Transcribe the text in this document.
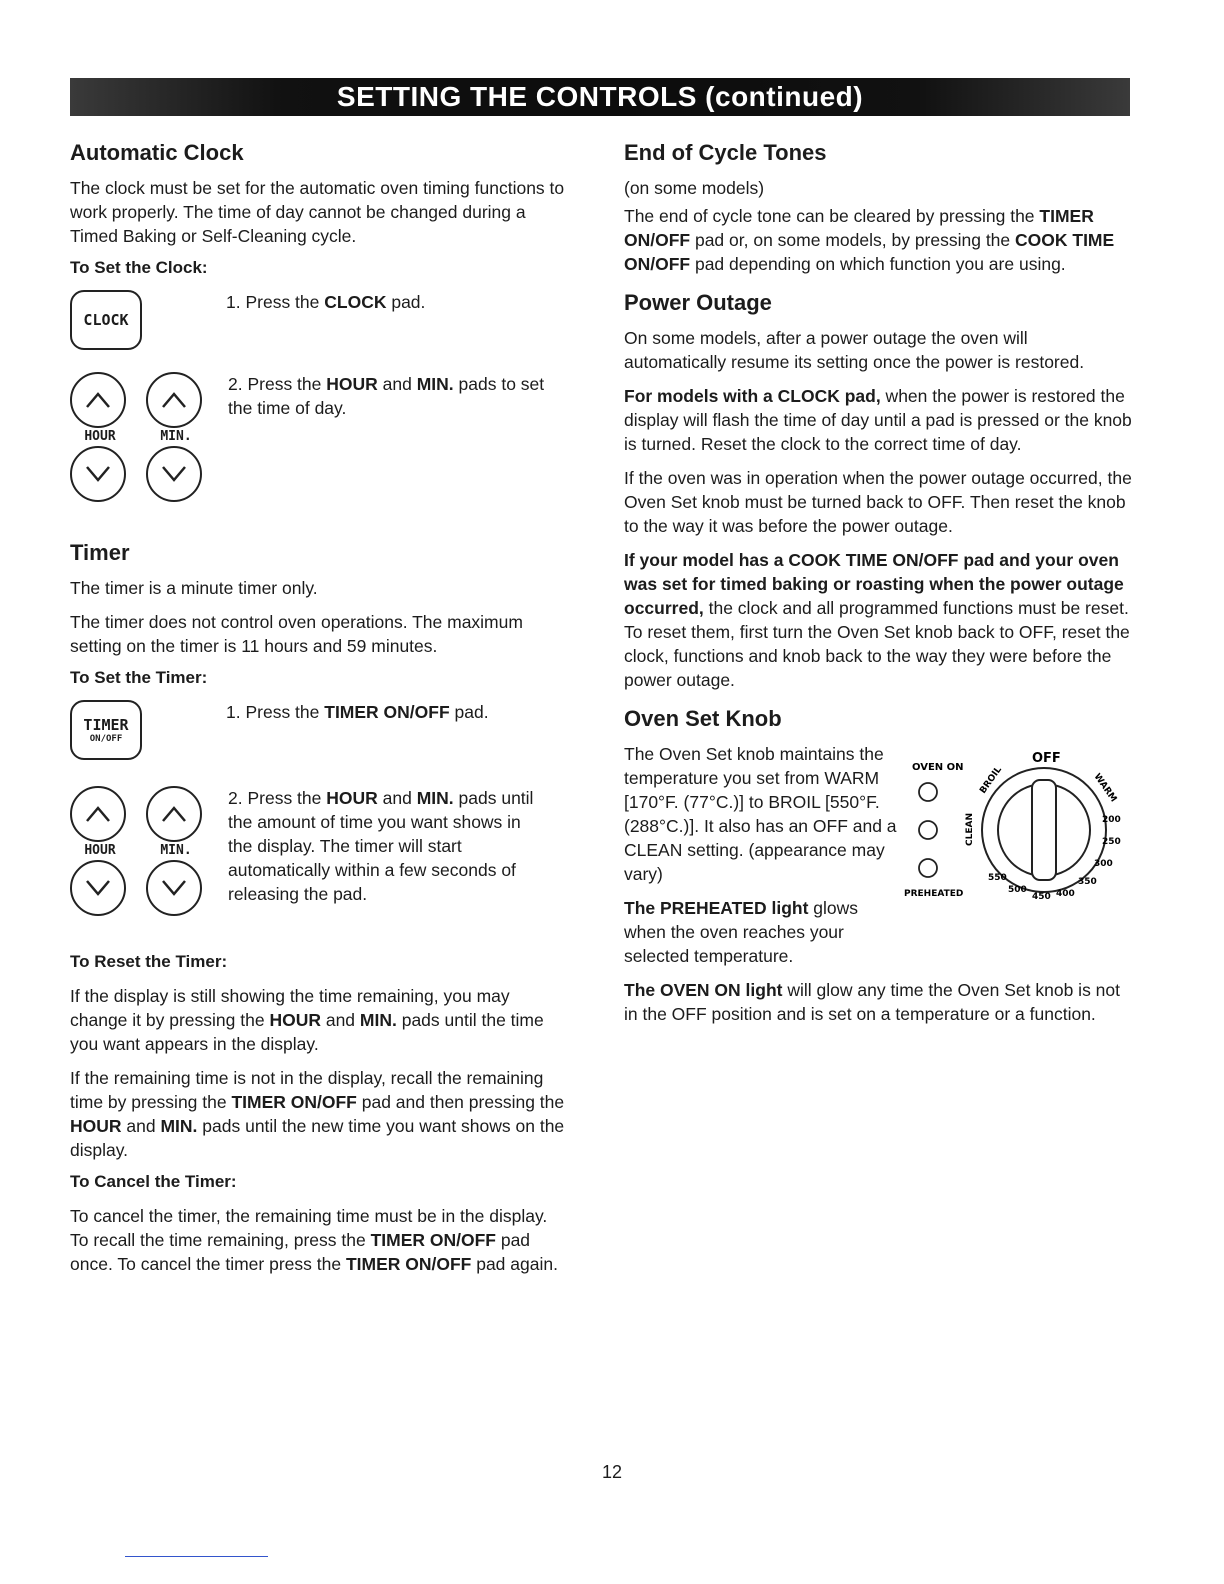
SETTING THE CONTROLS (continued)
Automatic Clock

The clock must be set for the automatic oven timing functions to work properly. The time of day cannot be changed during a Timed Baking or Self-Cleaning cycle.

To Set the Clock:
CLOCK
1. Press the CLOCK pad.
HOUR	MIN.
2. Press the HOUR and MIN. pads to set the time of day.
Timer

The timer is a minute timer only.

The timer does not control oven operations. The maximum setting on the timer is 11 hours and 59 minutes.

To Set the Timer:
TIMER
ON/OFF
1. Press the TIMER ON/OFF pad.
HOUR	MIN.
2. Press the HOUR and MIN. pads until the amount of time you want shows in the display. The timer will start automatically within a few seconds of releasing the pad.
To Reset the Timer:

If the display is still showing the time remaining, you may change it by pressing the HOUR and MIN. pads until the time you want appears in the display.

If the remaining time is not in the display, recall the remaining time by pressing the TIMER ON/OFF pad and then pressing the HOUR and MIN. pads until the new time you want shows on the display.

To Cancel the Timer:

To cancel the timer, the remaining time must be in the display. To recall the time remaining, press the TIMER ON/OFF pad once. To cancel the timer press the TIMER ON/OFF pad again.

End of Cycle Tones

(on some models)

The end of cycle tone can be cleared by pressing the TIMER ON/OFF pad or, on some models, by pressing the COOK TIME ON/OFF pad depending on which function you are using.

Power Outage

On some models, after a power outage the oven will automatically resume its setting once the power is restored.

For models with a CLOCK pad, when the power is restored the display will flash the time of day until a pad is pressed or the knob is turned. Reset the clock to the correct time of day.

If the oven was in operation when the power outage occurred, the Oven Set knob must be turned back to OFF. Then reset the knob to the way it was before the power outage.

If your model has a COOK TIME ON/OFF pad and your oven was set for timed baking or roasting when the power outage occurred, the clock and all programmed functions must be reset. To reset them, first turn the Oven Set knob back to OFF, reset the clock, functions and knob back to the way they were before the power outage.

Oven Set Knob

The Oven Set knob maintains the temperature you set from WARM [170°F. (77°C.)] to BROIL [550°F. (288°C.)]. It also has an OFF and a CLEAN setting. (appearance may vary)

The PREHEATED light glows when the oven reaches your selected temperature.

OVEN ON
PREHEATED
OFF
BROIL	WARM
CLEAN
550
500
450 400
350
300
250
200

The OVEN ON light will glow any time the Oven Set knob is not in the OFF position and is set on a temperature or a function.

12
